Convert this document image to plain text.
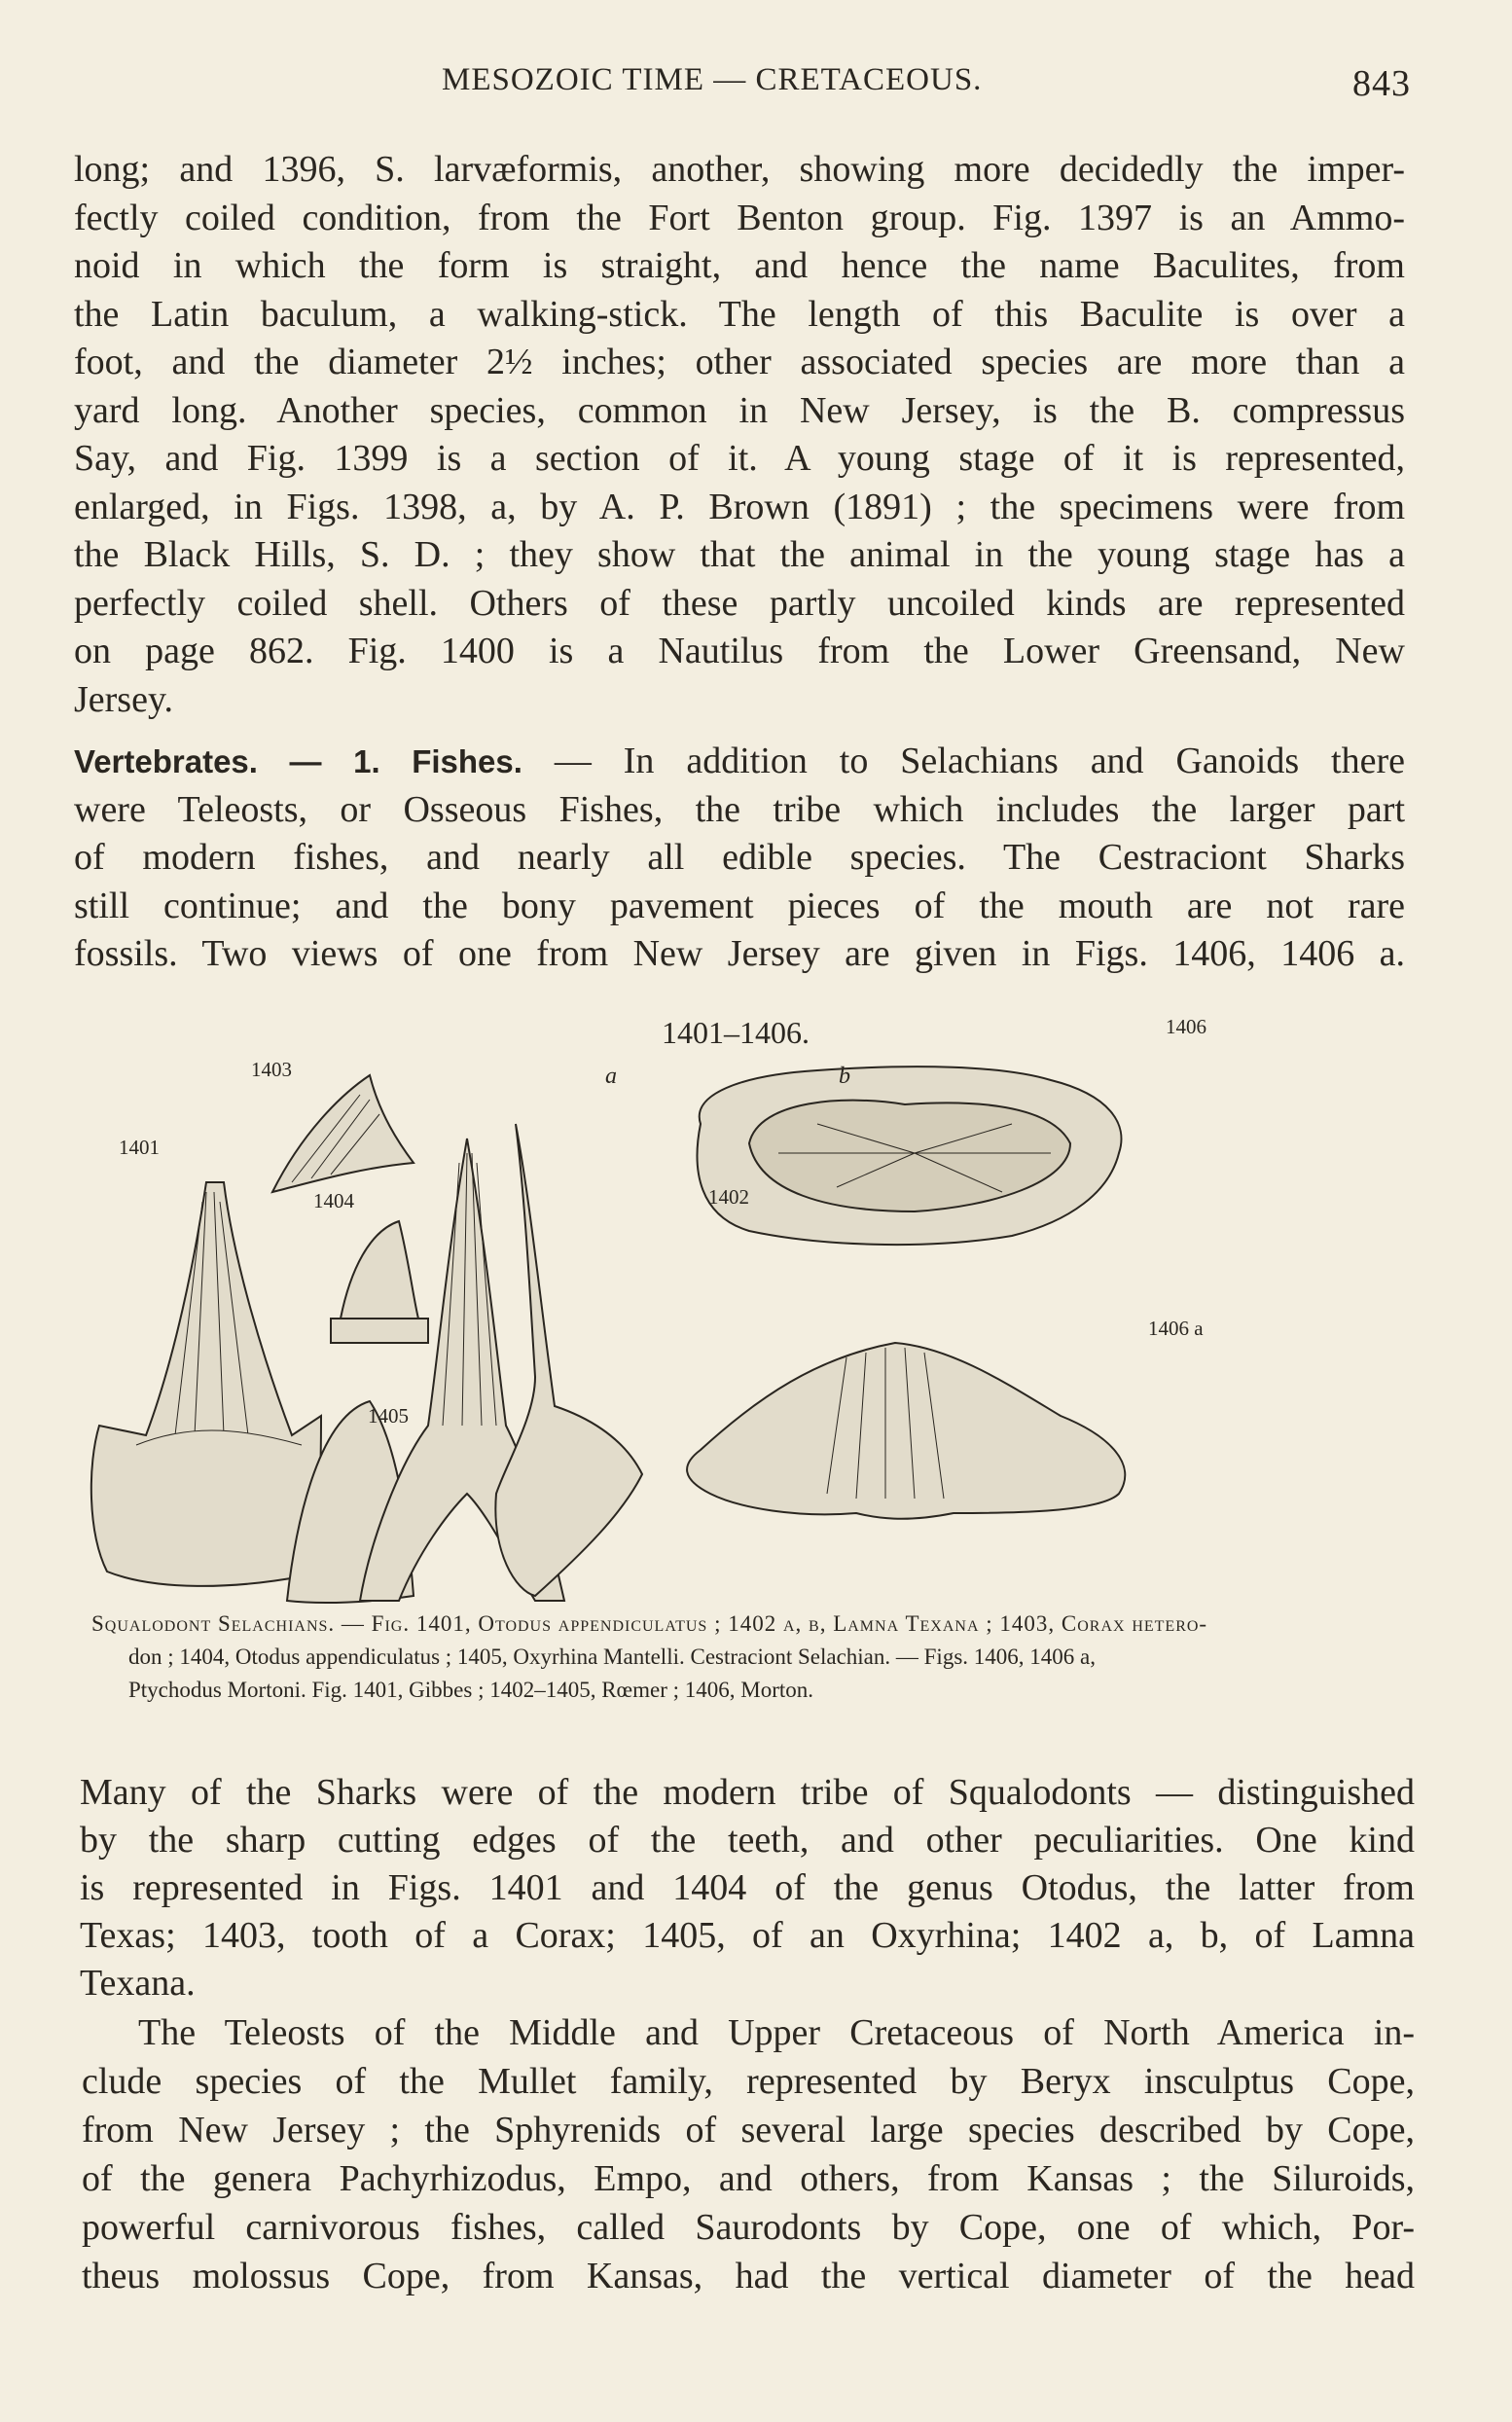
MESOZOIC TIME — CRETACEOUS.	843
long; and 1396, S. larvæformis, another, showing more decidedly the imper-
fectly coiled condition, from the Fort Benton group. Fig. 1397 is an Ammo-
noid in which the form is straight, and hence the name Baculites, from
the Latin baculum, a walking-stick. The length of this Baculite is over a
foot, and the diameter 2½ inches; other associated species are more than a
yard long. Another species, common in New Jersey, is the B. compressus
Say, and Fig. 1399 is a section of it. A young stage of it is represented,
enlarged, in Figs. 1398, a, by A. P. Brown (1891) ; the specimens were from
the Black Hills, S. D. ; they show that the animal in the young stage has a
perfectly coiled shell. Others of these partly uncoiled kinds are represented
on page 862. Fig. 1400 is a Nautilus from the Lower Greensand, New
Jersey.
Vertebrates. — 1. Fishes. — In addition to Selachians and Ganoids there
were Teleosts, or Osseous Fishes, the tribe which includes the larger part
of modern fishes, and nearly all edible species. The Cestraciont Sharks
still continue; and the bony pavement pieces of the mouth are not rare
fossils. Two views of one from New Jersey are given in Figs. 1406, 1406 a.
1401–1406.
1401
1403
1404
1405
1402
a	b
1406
1406 a
Squalodont Selachians. — Fig. 1401, Otodus appendiculatus ; 1402 a, b, Lamna Texana ; 1403, Corax hetero-
don ; 1404, Otodus appendiculatus ; 1405, Oxyrhina Mantelli. Cestraciont Selachian. — Figs. 1406, 1406 a,
Ptychodus Mortoni. Fig. 1401, Gibbes ; 1402–1405, Rœmer ; 1406, Morton.
Many of the Sharks were of the modern tribe of Squalodonts — distinguished
by the sharp cutting edges of the teeth, and other peculiarities. One kind
is represented in Figs. 1401 and 1404 of the genus Otodus, the latter from
Texas; 1403, tooth of a Corax; 1405, of an Oxyrhina; 1402 a, b, of Lamna
Texana.
The Teleosts of the Middle and Upper Cretaceous of North America in-
clude species of the Mullet family, represented by Beryx insculptus Cope,
from New Jersey ; the Sphyrenids of several large species described by Cope,
of the genera Pachyrhizodus, Empo, and others, from Kansas ; the Siluroids,
powerful carnivorous fishes, called Saurodonts by Cope, one of which, Por-
theus molossus Cope, from Kansas, had the vertical diameter of the head
